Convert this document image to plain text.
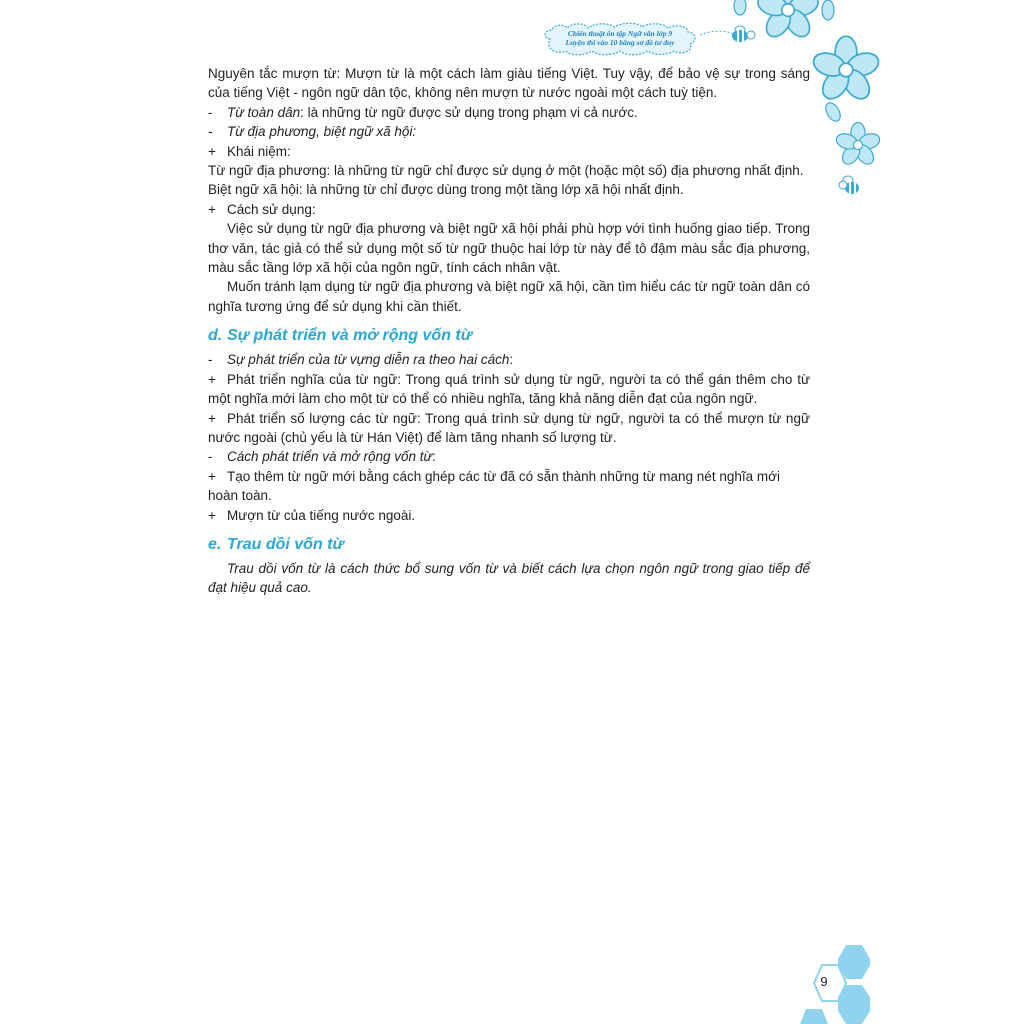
Chiến thuật ôn tập Ngữ văn lớp 9
Luyện thi vào 10 bằng sơ đồ tư duy

Nguyên tắc mượn từ: Mượn từ là một cách làm giàu tiếng Việt. Tuy vậy, để bảo vệ sự trong sáng của tiếng Việt - ngôn ngữ dân tộc, không nên mượn từ nước ngoài một cách tuỳ tiện.

- Từ toàn dân: là những từ ngữ được sử dụng trong phạm vi cả nước.

- Từ địa phương, biệt ngữ xã hội:

+ Khái niệm:

Từ ngữ địa phương: là những từ ngữ chỉ được sử dụng ở một (hoặc một số) địa phương nhất định.

Biệt ngữ xã hội: là những từ chỉ được dùng trong một tầng lớp xã hội nhất định.

+ Cách sử dụng:

Việc sử dụng từ ngữ địa phương và biệt ngữ xã hội phải phù hợp với tình huống giao tiếp. Trong thơ văn, tác giả có thể sử dụng một số từ ngữ thuộc hai lớp từ này để tô đậm màu sắc địa phương, màu sắc tầng lớp xã hội của ngôn ngữ, tính cách nhân vật.

Muốn tránh lạm dụng từ ngữ địa phương và biệt ngữ xã hội, cần tìm hiểu các từ ngữ toàn dân có nghĩa tương ứng để sử dụng khi cần thiết.

d. Sự phát triển và mở rộng vốn từ

- Sự phát triển của từ vựng diễn ra theo hai cách:

+ Phát triển nghĩa của từ ngữ: Trong quá trình sử dụng từ ngữ, người ta có thể gán thêm cho từ một nghĩa mới làm cho một từ có thể có nhiều nghĩa, tăng khả năng diễn đạt của ngôn ngữ.

+ Phát triển số lượng các từ ngữ: Trong quá trình sử dụng từ ngữ, người ta có thể mượn từ ngữ nước ngoài (chủ yếu là từ Hán Việt) để làm tăng nhanh số lượng từ.

- Cách phát triển và mở rộng vốn từ:

+ Tạo thêm từ ngữ mới bằng cách ghép các từ đã có sẵn thành những từ mang nét nghĩa mới hoàn toàn.

+ Mượn từ của tiếng nước ngoài.

e. Trau dồi vốn từ

Trau dồi vốn từ là cách thức bổ sung vốn từ và biết cách lựa chọn ngôn ngữ trong giao tiếp để đạt hiệu quả cao.

9
